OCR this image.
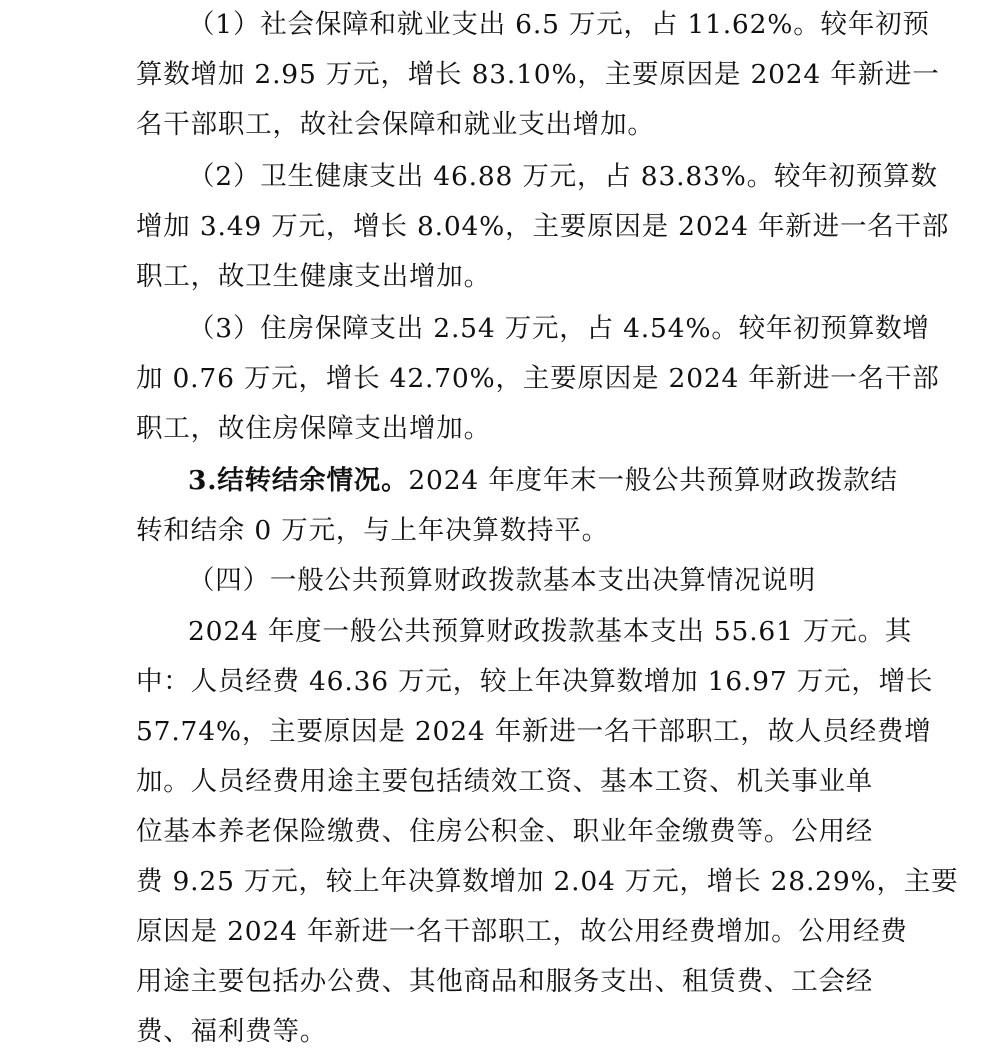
（1）社会保障和就业支出 6.5 万元，占 11.62%。较年初预
算数增加 2.95 万元，增长 83.10%，主要原因是 2024 年新进一
名干部职工，故社会保障和就业支出增加。
（2）卫生健康支出 46.88 万元，占 83.83%。较年初预算数
增加 3.49 万元，增长 8.04%，主要原因是 2024 年新进一名干部
职工，故卫生健康支出增加。
（3）住房保障支出 2.54 万元，占 4.54%。较年初预算数增
加 0.76 万元，增长 42.70%，主要原因是 2024 年新进一名干部
职工，故住房保障支出增加。
3.结转结余情况。2024 年度年末一般公共预算财政拨款结
转和结余 0 万元，与上年决算数持平。
（四）一般公共预算财政拨款基本支出决算情况说明
2024 年度一般公共预算财政拨款基本支出 55.61 万元。其
中：人员经费 46.36 万元，较上年决算数增加 16.97 万元，增长
57.74%，主要原因是 2024 年新进一名干部职工，故人员经费增
加。人员经费用途主要包括绩效工资、基本工资、机关事业单
位基本养老保险缴费、住房公积金、职业年金缴费等。公用经
费 9.25 万元，较上年决算数增加 2.04 万元，增长 28.29%，主要
原因是 2024 年新进一名干部职工，故公用经费增加。公用经费
用途主要包括办公费、其他商品和服务支出、租赁费、工会经
费、福利费等。
